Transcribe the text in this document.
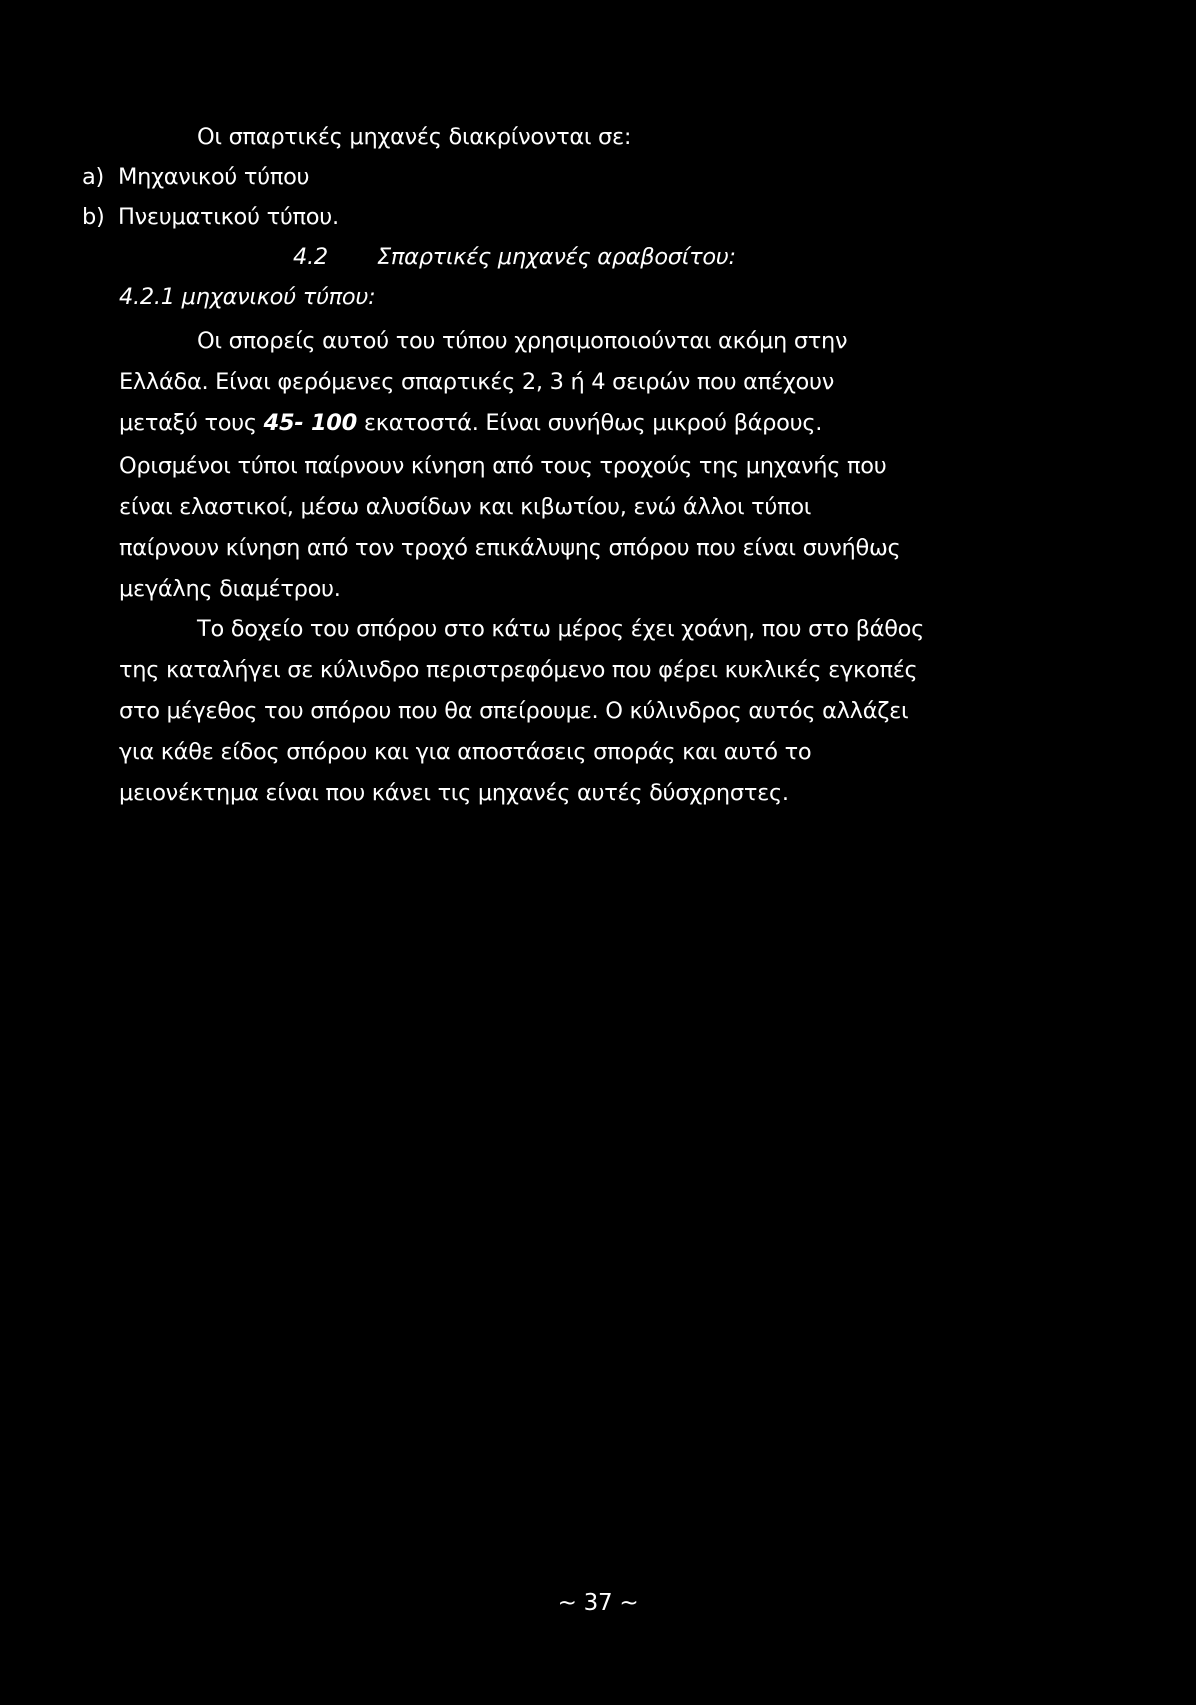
Οι σπαρτικές μηχανές διακρίνονται σε:
a) Μηχανικού τύπου
b) Πνευματικού τύπου.
4.2 Σπαρτικές μηχανές αραβοσίτου:
4.2.1 μηχανικού τύπου:
Οι σπορείς αυτού του τύπου χρησιμοποιούνται ακόμη στην
Ελλάδα. Είναι φερόμενες σπαρτικές 2, 3 ή 4 σειρών που απέχουν
μεταξύ τους 45- 100 εκατοστά. Είναι συνήθως μικρού βάρους.
Ορισμένοι τύποι παίρνουν κίνηση από τους τροχούς της μηχανής που
είναι ελαστικοί, μέσω αλυσίδων και κιβωτίου, ενώ άλλοι τύποι
παίρνουν κίνηση από τον τροχό επικάλυψης σπόρου που είναι συνήθως
μεγάλης διαμέτρου.
Το δοχείο του σπόρου στο κάτω μέρος έχει χοάνη, που στο βάθος
της καταλήγει σε κύλινδρο περιστρεφόμενο που φέρει κυκλικές εγκοπές
στο μέγεθος του σπόρου που θα σπείρουμε. Ο κύλινδρος αυτός αλλάζει
για κάθε είδος σπόρου και για αποστάσεις σποράς και αυτό το
μειονέκτημα είναι που κάνει τις μηχανές αυτές δύσχρηστες.
~ 37 ~
